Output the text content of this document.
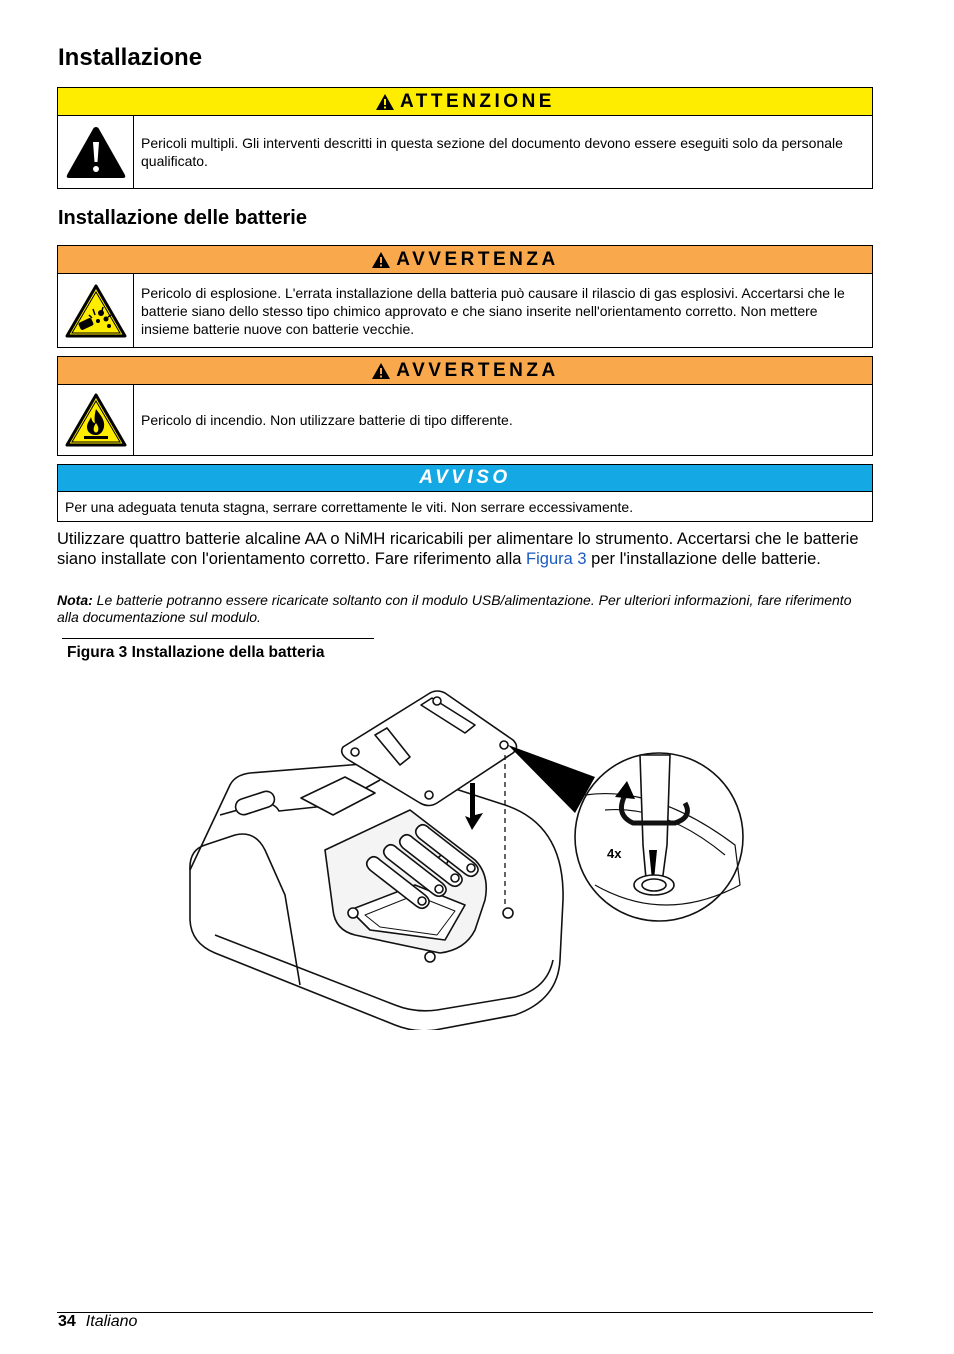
Installazione
ATTENZIONE
Pericoli multipli. Gli interventi descritti in questa sezione del documento devono essere eseguiti solo da personale qualificato.
Installazione delle batterie
AVVERTENZA
Pericolo di esplosione. L'errata installazione della batteria può causare il rilascio di gas esplosivi. Accertarsi che le batterie siano dello stesso tipo chimico approvato e che siano inserite nell'orientamento corretto. Non mettere insieme batterie nuove con batterie vecchie.
AVVERTENZA
Pericolo di incendio. Non utilizzare batterie di tipo differente.
AVVISO
Per una adeguata tenuta stagna, serrare correttamente le viti. Non serrare eccessivamente.

Utilizzare quattro batterie alcaline AA o NiMH ricaricabili per alimentare lo strumento. Accertarsi che le batterie siano installate con l'orientamento corretto. Fare riferimento alla Figura 3 per l'installazione delle batterie.

Nota: Le batterie potranno essere ricaricate soltanto con il modulo USB/alimentazione. Per ulteriori informazioni, fare riferimento alla documentazione sul modulo.

Figura 3 Installazione della batteria

4x
34 Italiano
